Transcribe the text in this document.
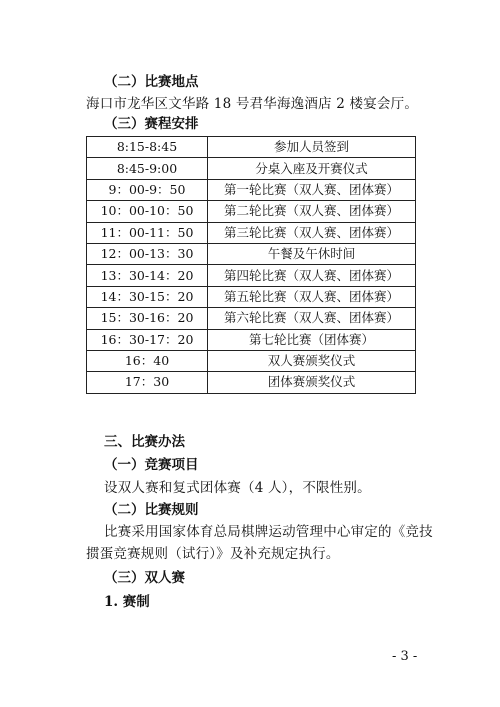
（二）比赛地点
海口市龙华区文华路 18 号君华海逸酒店 2 楼宴会厅。
（三）赛程安排
8:15-8:45	参加人员签到
8:45-9:00	分桌入座及开赛仪式
9：00-9：50	第一轮比赛（双人赛、团体赛）
10：00-10：50	第二轮比赛（双人赛、团体赛）
11：00-11：50	第三轮比赛（双人赛、团体赛）
12：00-13：30	午餐及午休时间
13：30-14：20	第四轮比赛（双人赛、团体赛）
14：30-15：20	第五轮比赛（双人赛、团体赛）
15：30-16：20	第六轮比赛（双人赛、团体赛）
16：30-17：20	第七轮比赛（团体赛）
16：40	双人赛颁奖仪式
17：30	团体赛颁奖仪式
三、比赛办法
（一）竞赛项目
设双人赛和复式团体赛（4 人），不限性别。
（二）比赛规则
比赛采用国家体育总局棋牌运动管理中心审定的《竞技
掼蛋竞赛规则（试行）》及补充规定执行。
（三）双人赛
1. 赛制
- 3 -
